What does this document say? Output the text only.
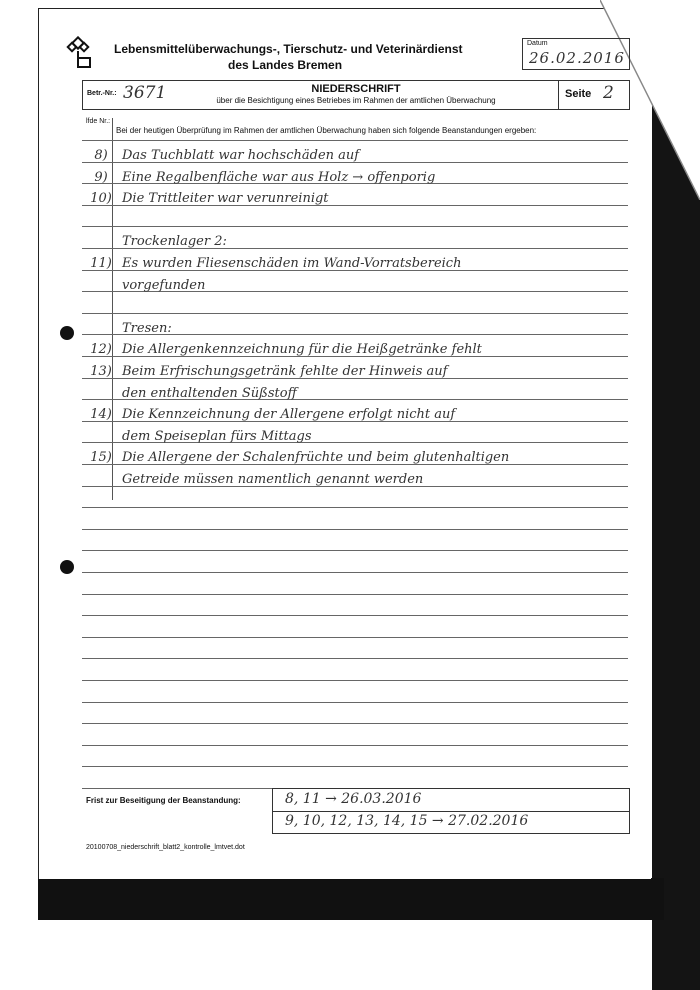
Lebensmittelüberwachungs-, Tierschutz- und Veterinärdienst
des Landes Bremen
Datum
26.02.2016
Betr.-Nr.: 3671	NIEDERSCHRIFT
über die Besichtigung eines Betriebes im Rahmen der amtlichen Überwachung
Seite 2
lfde Nr.:
Bei der heutigen Überprüfung im Rahmen der amtlichen Überwachung haben sich folgende Beanstandungen ergeben:
8)	Das Tuchblatt war hochschäden auf
9)	Eine Regalbenfläche war aus Holz → offenporig
10) Die Trittleiter war verunreinigt
Trockenlager 2:
11) Es wurden Fliesenschäden im Wand-Vorratsbereich
vorgefunden
Tresen:
12) Die Allergenkennzeichnung für die Heißgetränke fehlt
13) Beim Erfrischungsgetränk fehlte der Hinweis auf
den enthaltenden Süßstoff
14) Die Kennzeichnung der Allergene erfolgt nicht auf
dem Speiseplan fürs Mittags
15) Die Allergene der Schalenfrüchte und beim glutenhaltigen
Getreide müssen namentlich genannt werden
Frist zur Beseitigung der Beanstandung:	8, 11 → 26.03.2016
9, 10, 12, 13, 14, 15 → 27.02.2016
20100708_niederschrift_blatt2_kontrolle_lmtvet.dot
